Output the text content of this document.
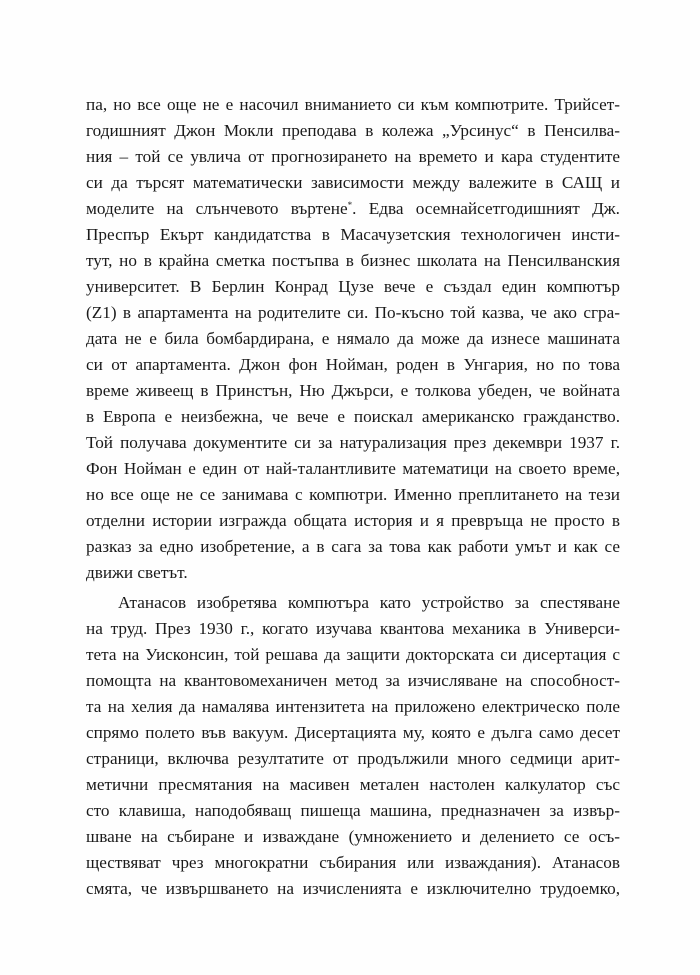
па, но все още не е насочил вниманието си към компютрите. Трийсет-
годишният Джон Мокли преподава в колежа „Урсинус“ в Пенсилва-
ния – той се увлича от прогнозирането на времето и кара студентите
си да търсят математически зависимости между валежите в САЩ и
моделите на слънчевото въртене*. Едва осемнайсетгодишният Дж.
Преспър Екърт кандидатства в Масачузетския технологичен инсти-
тут, но в крайна сметка постъпва в бизнес школата на Пенсилванския
университет. В Берлин Конрад Цузе вече е създал един компютър
(Z1) в апартамента на родителите си. По-късно той казва, че ако сгра-
дата не е била бомбардирана, е нямало да може да изнесе машината
си от апартамента. Джон фон Нойман, роден в Унгария, но по това
време живеещ в Принстън, Ню Джърси, е толкова убеден, че войната
в Европа е неизбежна, че вече е поискал американско гражданство.
Той получава документите си за натурализация през декември 1937 г.
Фон Нойман е един от най-талантливите математици на своето време,
но все още не се занимава с компютри. Именно преплитането на тези
отделни истории изгражда общата история и я превръща не просто в
разказ за едно изобретение, а в сага за това как работи умът и как се
движи светът.
Атанасов изобретява компютъра като устройство за спестяване
на труд. През 1930 г., когато изучава квантова механика в Универси-
тета на Уисконсин, той решава да защити докторската си дисертация с
помощта на квантовомеханичен метод за изчисляване на способност-
та на хелия да намалява интензитета на приложено електрическо поле
спрямо полето във вакуум. Дисертацията му, която е дълга само десет
страници, включва резултатите от продължили много седмици арит-
метични пресмятания на масивен метален настолен калкулатор със
сто клавиша, наподобяващ пишеща машина, предназначен за извър-
шване на събиране и изваждане (умножението и делението се осъ-
ществяват чрез многократни събирания или изваждания). Атанасов
смята, че извършването на изчисленията е изключително трудоемко,
